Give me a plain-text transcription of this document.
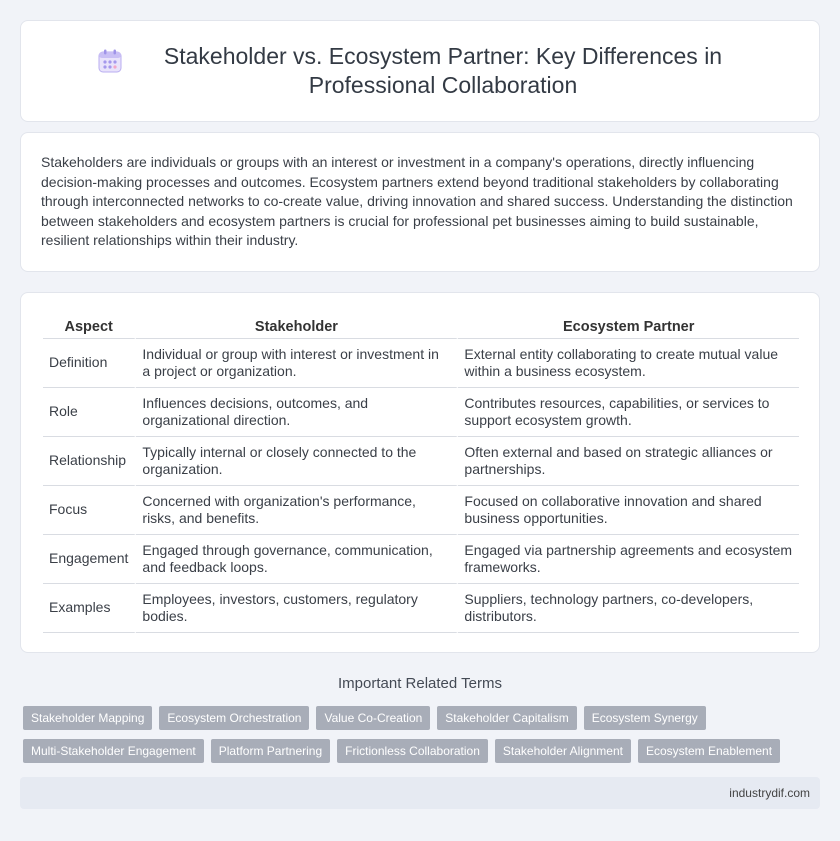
Stakeholder vs. Ecosystem Partner: Key Differences in Professional Collaboration

Stakeholders are individuals or groups with an interest or investment in a company's operations, directly influencing decision-making processes and outcomes. Ecosystem partners extend beyond traditional stakeholders by collaborating through interconnected networks to co-create value, driving innovation and shared success. Understanding the distinction between stakeholders and ecosystem partners is crucial for professional pet businesses aiming to build sustainable, resilient relationships within their industry.

Aspect	Stakeholder	Ecosystem Partner
Definition	Individual or group with interest or investment in a project or organization.	External entity collaborating to create mutual value within a business ecosystem.
Role	Influences decisions, outcomes, and organizational direction.	Contributes resources, capabilities, or services to support ecosystem growth.
Relationship	Typically internal or closely connected to the organization.	Often external and based on strategic alliances or partnerships.
Focus	Concerned with organization's performance, risks, and benefits.	Focused on collaborative innovation and shared business opportunities.
Engagement	Engaged through governance, communication, and feedback loops.	Engaged via partnership agreements and ecosystem frameworks.
Examples	Employees, investors, customers, regulatory bodies.	Suppliers, technology partners, co-developers, distributors.
Important Related Terms
Stakeholder Mapping	Ecosystem Orchestration	Value Co-Creation	Stakeholder Capitalism	Ecosystem Synergy
Multi-Stakeholder Engagement	Platform Partnering	Frictionless Collaboration	Stakeholder Alignment	Ecosystem Enablement
industrydif.com
